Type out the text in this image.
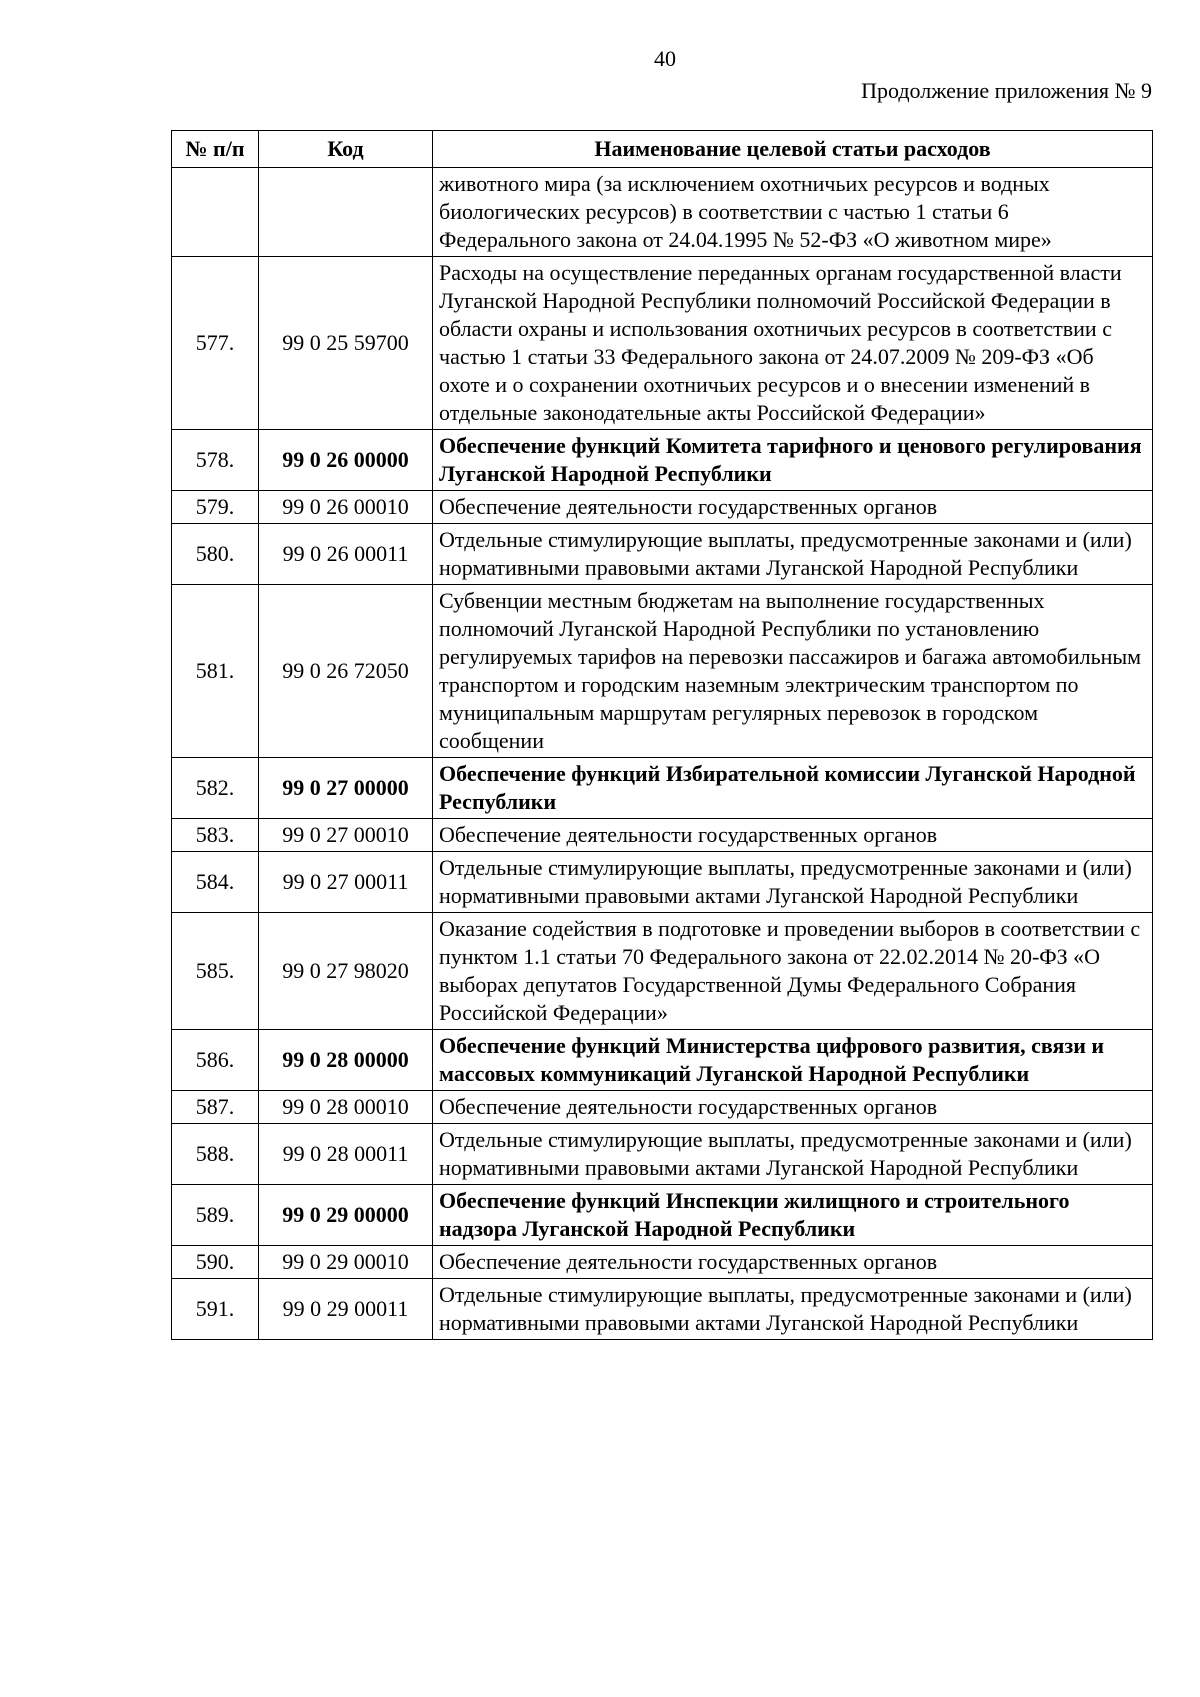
40
Продолжение приложения № 9
№ п/п	Код	Наименование целевой статьи расходов
		животного мира (за исключением охотничьих ресурсов и водных биологических ресурсов) в соответствии с частью 1 статьи 6 Федерального закона от 24.04.1995 № 52-ФЗ «О животном мире»
577.	99 0 25 59700	Расходы на осуществление переданных органам государственной власти Луганской Народной Республики полномочий Российской Федерации в области охраны и использования охотничьих ресурсов в соответствии с частью 1 статьи 33 Федерального закона от 24.07.2009 № 209-ФЗ «Об охоте и о сохранении охотничьих ресурсов и о внесении изменений в отдельные законодательные акты Российской Федерации»
578.	99 0 26 00000	Обеспечение функций Комитета тарифного и ценового регулирования Луганской Народной Республики
579.	99 0 26 00010	Обеспечение деятельности государственных органов
580.	99 0 26 00011	Отдельные стимулирующие выплаты, предусмотренные законами и (или) нормативными правовыми актами Луганской Народной Республики
581.	99 0 26 72050	Субвенции местным бюджетам на выполнение государственных полномочий Луганской Народной Республики по установлению регулируемых тарифов на перевозки пассажиров и багажа автомобильным транспортом и городским наземным электрическим транспортом по муниципальным маршрутам регулярных перевозок в городском сообщении
582.	99 0 27 00000	Обеспечение функций Избирательной комиссии Луганской Народной Республики
583.	99 0 27 00010	Обеспечение деятельности государственных органов
584.	99 0 27 00011	Отдельные стимулирующие выплаты, предусмотренные законами и (или) нормативными правовыми актами Луганской Народной Республики
585.	99 0 27 98020	Оказание содействия в подготовке и проведении выборов в соответствии с пунктом 1.1 статьи 70 Федерального закона от 22.02.2014 № 20-ФЗ «О выборах депутатов Государственной Думы Федерального Собрания Российской Федерации»
586.	99 0 28 00000	Обеспечение функций Министерства цифрового развития, связи и массовых коммуникаций Луганской Народной Республики
587.	99 0 28 00010	Обеспечение деятельности государственных органов
588.	99 0 28 00011	Отдельные стимулирующие выплаты, предусмотренные законами и (или) нормативными правовыми актами Луганской Народной Республики
589.	99 0 29 00000	Обеспечение функций Инспекции жилищного и строительного надзора Луганской Народной Республики
590.	99 0 29 00010	Обеспечение деятельности государственных органов
591.	99 0 29 00011	Отдельные стимулирующие выплаты, предусмотренные законами и (или) нормативными правовыми актами Луганской Народной Республики
